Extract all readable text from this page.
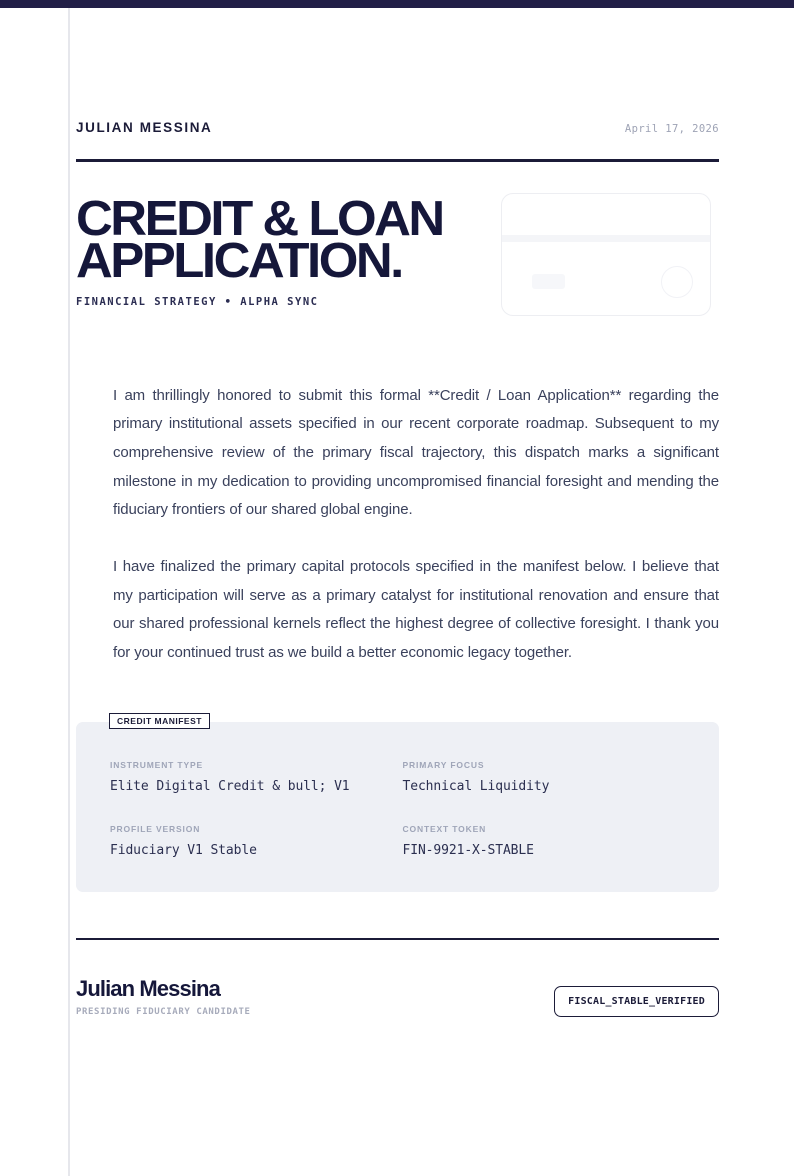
JULIAN MESSINA	April 17, 2026
CREDIT & LOAN APPLICATION.
FINANCIAL STRATEGY • ALPHA SYNC

I am thrillingly honored to submit this formal **Credit / Loan Application** regarding the primary institutional assets specified in our recent corporate roadmap. Subsequent to my comprehensive review of the primary fiscal trajectory, this dispatch marks a significant milestone in my dedication to providing uncompromised financial foresight and mending the fiduciary frontiers of our shared global engine.

I have finalized the primary capital protocols specified in the manifest below. I believe that my participation will serve as a primary catalyst for institutional renovation and ensure that our shared professional kernels reflect the highest degree of collective foresight. I thank you for your continued trust as we build a better economic legacy together.

CREDIT MANIFEST
INSTRUMENT TYPE
Elite Digital Credit & bull; V1
PRIMARY FOCUS
Technical Liquidity
PROFILE VERSION
Fiduciary V1 Stable
CONTEXT TOKEN
FIN-9921-X-STABLE
Julian Messina
PRESIDING FIDUCIARY CANDIDATE
FISCAL_STABLE_VERIFIED
